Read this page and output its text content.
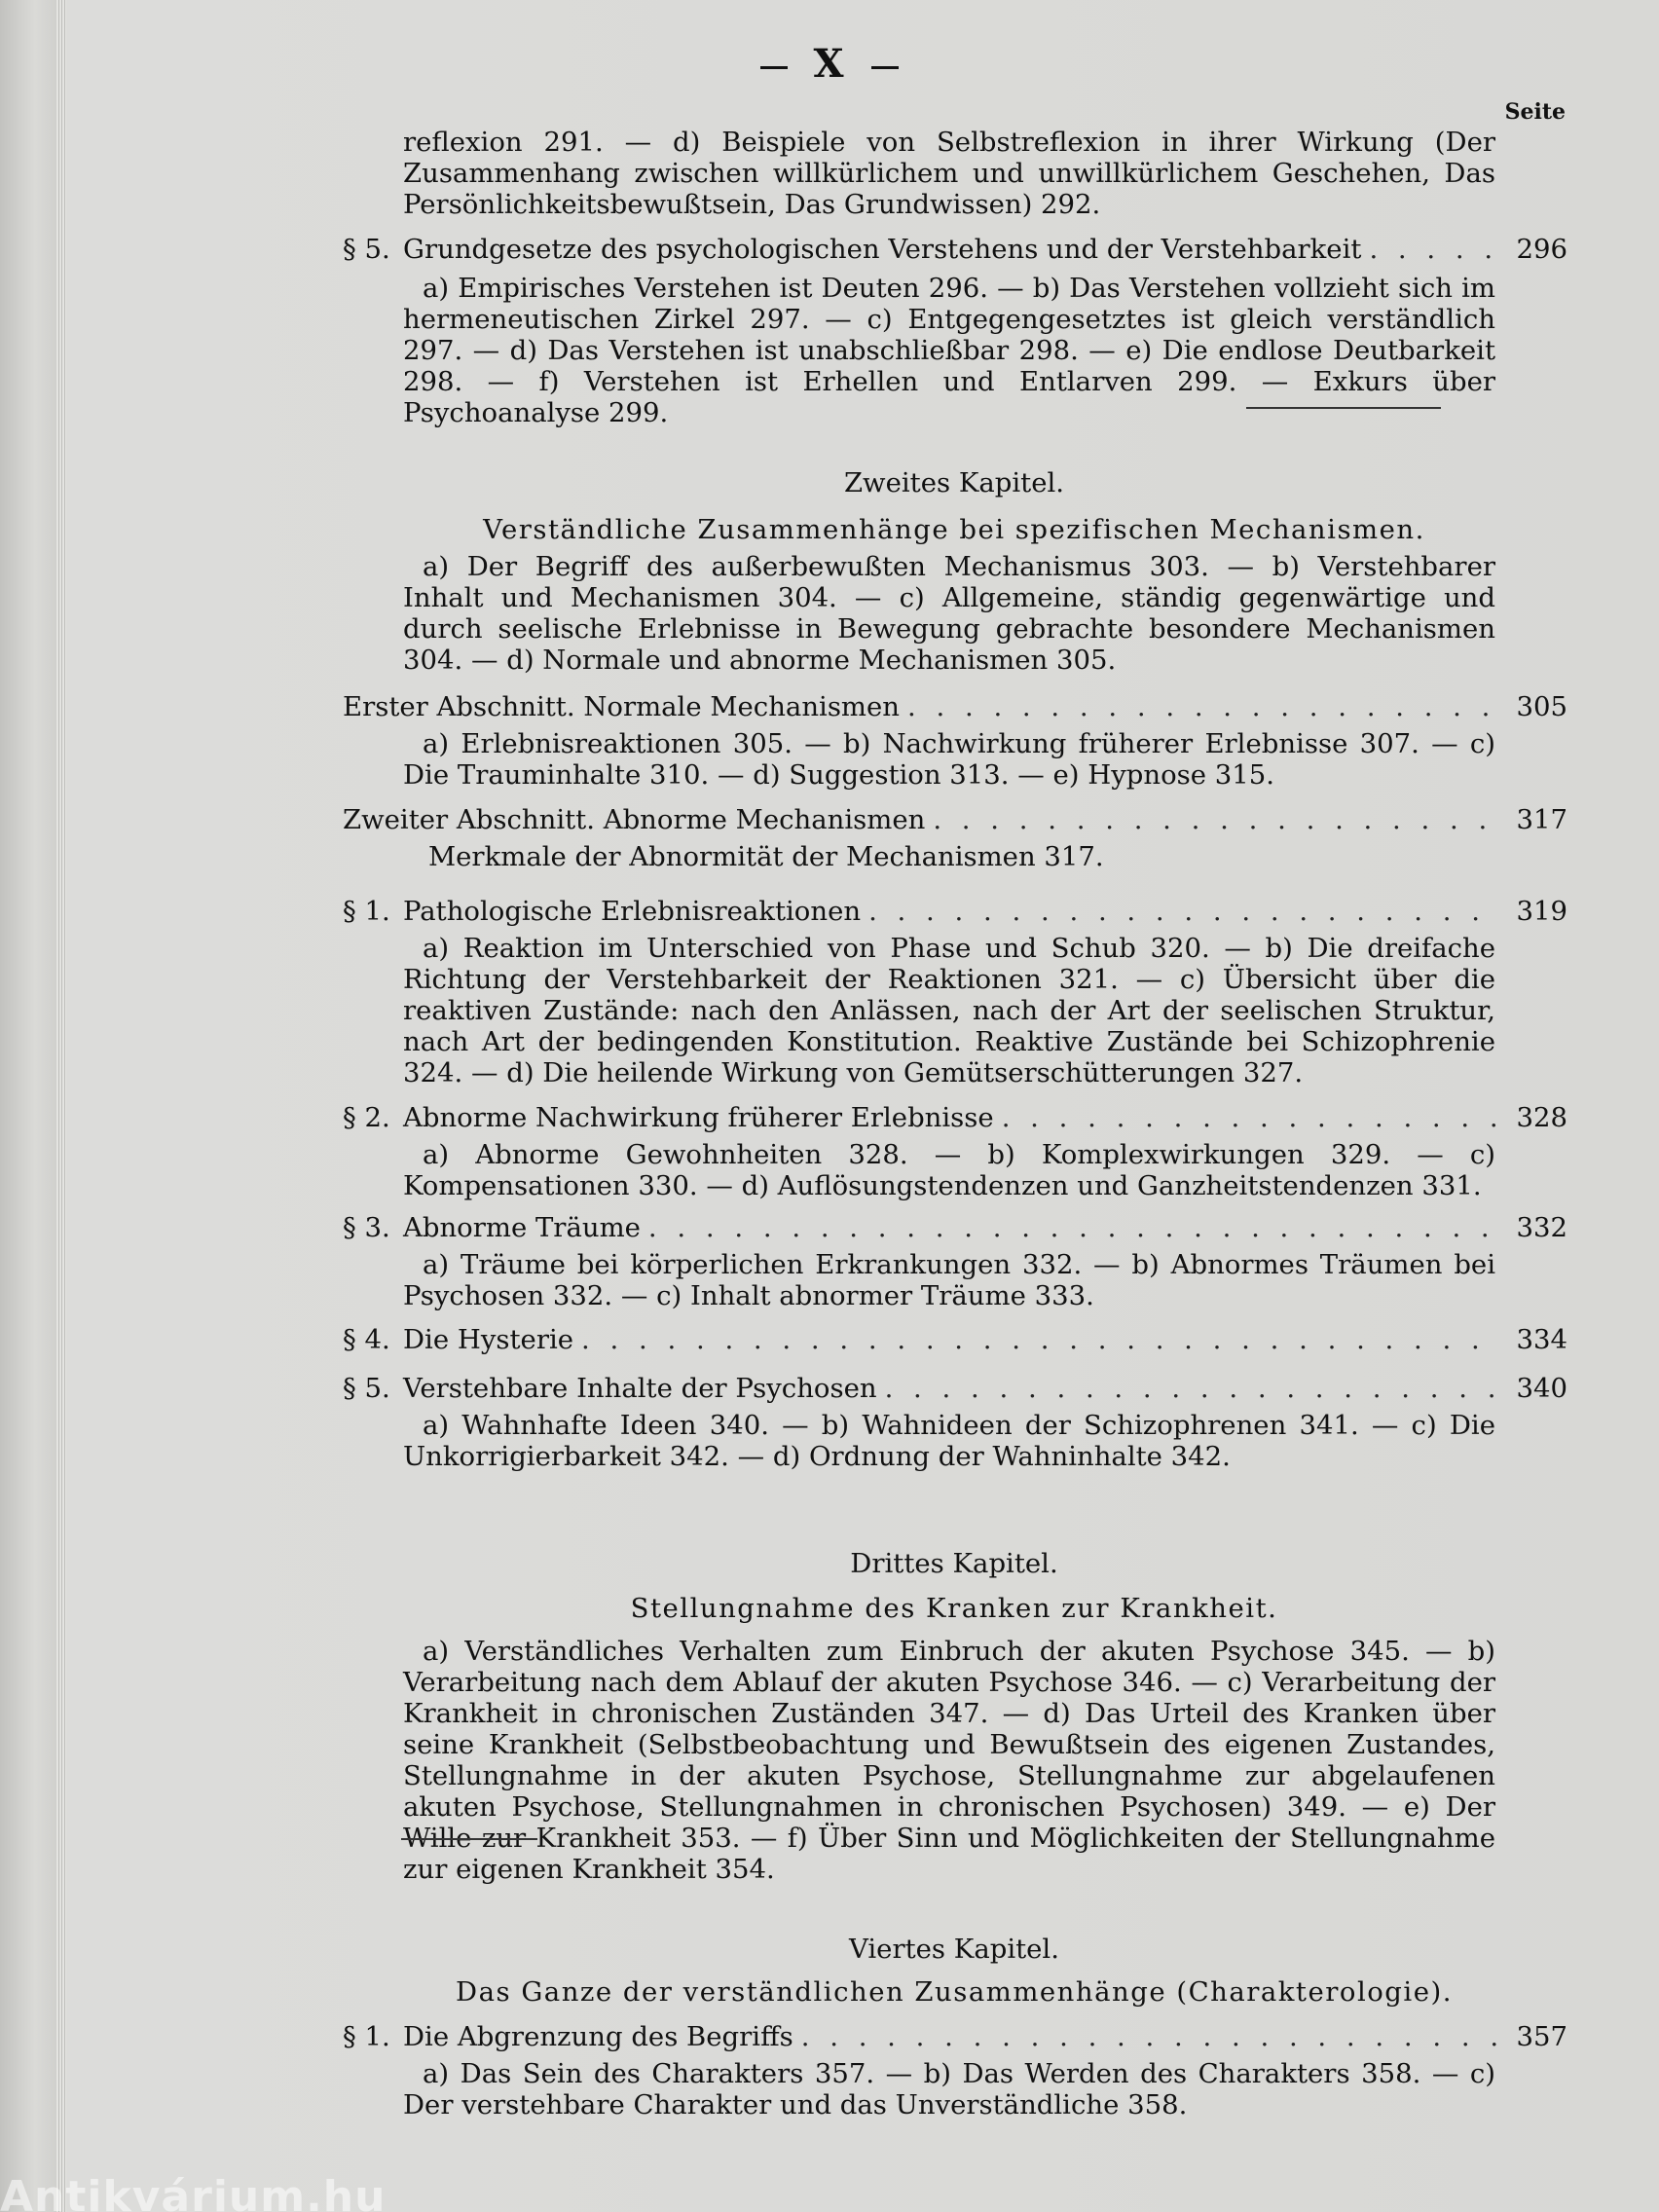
X
Seite
reflexion 291. — d) Beispiele von Selbstreflexion in ihrer Wirkung (Der Zusammenhang zwischen willkürlichem und unwillkürlichem Geschehen, Das Persönlichkeitsbewußtsein, Das Grundwissen) 292.
§ 5. Grundgesetze des psychologischen Verstehens und der Verstehbarkeit . . .	296
a) Empirisches Verstehen ist Deuten 296. — b) Das Verstehen vollzieht sich im hermeneutischen Zirkel 297. — c) Entgegengesetztes ist gleich verständlich 297. — d) Das Verstehen ist unabschließbar 298. — e) Die endlose Deutbarkeit 298. — f) Verstehen ist Erhellen und Entlarven 299. — Exkurs über Psychoanalyse 299.
Zweites Kapitel.
Verständliche Zusammenhänge bei spezifischen Mechanismen.
a) Der Begriff des außerbewußten Mechanismus 303. — b) Verstehbarer Inhalt und Mechanismen 304. — c) Allgemeine, ständig gegenwärtige und durch seelische Erlebnisse in Bewegung gebrachte besondere Mechanismen 304. — d) Normale und abnorme Mechanismen 305.
Erster Abschnitt. Normale Mechanismen . . .	305
a) Erlebnisreaktionen 305. — b) Nachwirkung früherer Erlebnisse 307. — c) Die Trauminhalte 310. — d) Suggestion 313. — e) Hypnose 315.
Zweiter Abschnitt. Abnorme Mechanismen . . .	317
Merkmale der Abnormität der Mechanismen 317.
§ 1. Pathologische Erlebnisreaktionen . . .	319
a) Reaktion im Unterschied von Phase und Schub 320. — b) Die dreifache Richtung der Verstehbarkeit der Reaktionen 321. — c) Übersicht über die reaktiven Zustände: nach den Anlässen, nach der Art der seelischen Struktur, nach Art der bedingenden Konstitution. Reaktive Zustände bei Schizophrenie 324. — d) Die heilende Wirkung von Gemütserschütterungen 327.
§ 2. Abnorme Nachwirkung früherer Erlebnisse . . .	328
a) Abnorme Gewohnheiten 328. — b) Komplexwirkungen 329. — c) Kompensationen 330. — d) Auflösungstendenzen und Ganzheitstendenzen 331.
§ 3. Abnorme Träume . . .	332
a) Träume bei körperlichen Erkrankungen 332. — b) Abnormes Träumen bei Psychosen 332. — c) Inhalt abnormer Träume 333.
§ 4. Die Hysterie . . .	334
§ 5. Verstehbare Inhalte der Psychosen . . .	340
a) Wahnhafte Ideen 340. — b) Wahnideen der Schizophrenen 341. — c) Die Unkorrigierbarkeit 342. — d) Ordnung der Wahninhalte 342.
Drittes Kapitel.
Stellungnahme des Kranken zur Krankheit.
a) Verständliches Verhalten zum Einbruch der akuten Psychose 345. — b) Verarbeitung nach dem Ablauf der akuten Psychose 346. — c) Verarbeitung der Krankheit in chronischen Zuständen 347. — d) Das Urteil des Kranken über seine Krankheit (Selbstbeobachtung und Bewußtsein des eigenen Zustandes, Stellungnahme in der akuten Psychose, Stellungnahme zur abgelaufenen akuten Psychose, Stellungnahmen in chronischen Psychosen) 349. — e) Der Wille zur Krankheit 353. — f) Über Sinn und Möglichkeiten der Stellungnahme zur eigenen Krankheit 354.
Viertes Kapitel.
Das Ganze der verständlichen Zusammenhänge (Charakterologie).
§ 1. Die Abgrenzung des Begriffs . . .	357
a) Das Sein des Charakters 357. — b) Das Werden des Charakters 358. — c) Der verstehbare Charakter und das Unverständliche 358.
Antikvárium.hu
